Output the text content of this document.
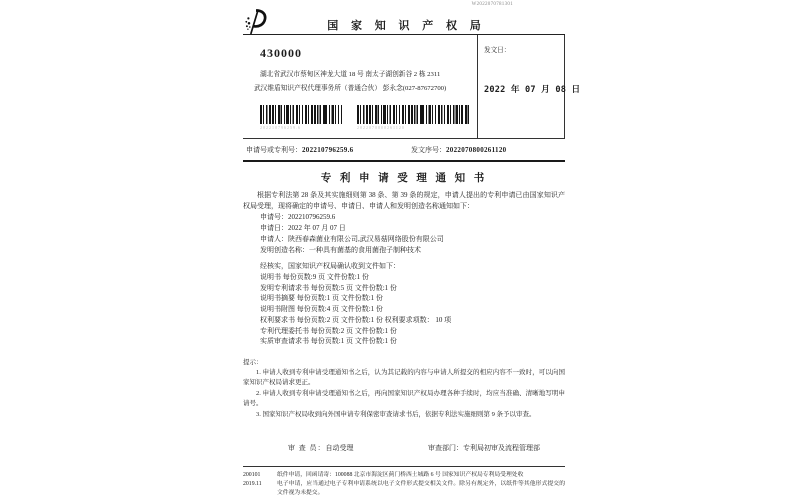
W2022070781301
国 家 知 识 产 权 局
430000
湖北省武汉市蔡甸区神龙大道 18 号 南太子湖创新谷 2 栋 2311
武汉维盾知识产权代理事务所（普通合伙） 彭永念(027-87672700)
202210796259.6	2022070800261120
发文日：
2022 年 07 月 08 日
申请号或专利号：202210796259.6	发文序号：2022070800261120
专 利 申 请 受 理 通 知 书
根据专利法第 28 条及其实施细则第 38 条、第 39 条的规定，申请人提出的专利申请已由国家知识产权局受理，现将确定的申请号、申请日、申请人和发明创造名称通知如下：
申请号：202210796259.6
申请日：2022 年 07 月 07 日
申请人：陕西春森菌业有限公司,武汉易菇网络股份有限公司
发明创造名称：一种具有菌基的食用菌孢子制种技术
经核实，国家知识产权局确认收到文件如下：
说明书 每份页数:9 页 文件份数:1 份
发明专利请求书 每份页数:5 页 文件份数:1 份
说明书摘要 每份页数:1 页 文件份数:1 份
说明书附图 每份页数:4 页 文件份数:1 份
权利要求书 每份页数:2 页 文件份数:1 份 权利要求项数： 10 项
专利代理委托书 每份页数:2 页 文件份数:1 份
实质审查请求书 每份页数:1 页 文件份数:1 份
提示：
1. 申请人收到专利申请受理通知书之后，认为其记载的内容与申请人所提交的相应内容不一致时，可以向国家知识产权局请求更正。
2. 申请人收到专利申请受理通知书之后，再向国家知识产权局办理各种手续时，均应当准确、清晰地写明申请号。
3. 国家知识产权局收到向外国申请专利保密审查请求书后，依据专利法实施细则第 9 条予以审查。
审 查 员：自动受理	审查部门：专利局初审及流程管理部
200101
2019.11
纸件申请，回函请寄：100088 北京市海淀区蓟门桥西土城路 6 号 国家知识产权局专利局受理处收
电子申请，应当通过电子专利申请系统以电子文件形式提交相关文件。除另有规定外，以纸件等其他形式提交的文件视为未提交。
